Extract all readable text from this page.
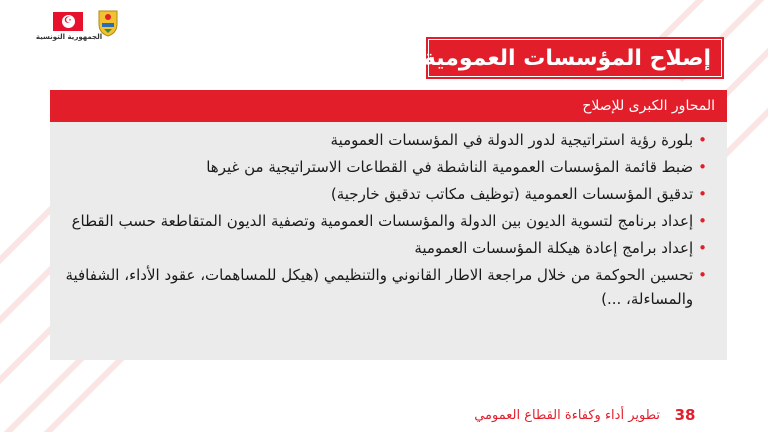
☪
الجمهورية التونسية
إصلاح المؤسسات العمومية
المحاور الكبرى للإصلاح
•
بلورة رؤية استراتيجية لدور الدولة في المؤسسات العمومية
•
ضبط قائمة المؤسسات العمومية الناشطة في القطاعات الاستراتيجية من غيرها
•
تدقيق المؤسسات العمومية (توظيف مكاتب تدقيق خارجية)
•
إعداد برنامج لتسوية الديون بين الدولة والمؤسسات العمومية وتصفية الديون المتقاطعة حسب القطاع
•
إعداد برامج إعادة هيكلة المؤسسات العمومية
•
تحسين الحوكمة من خلال مراجعة الاطار القانوني والتنظيمي (هيكل للمساهمات، عقود الأداء، الشفافية والمساءلة، ...)
تطوير أداء وكفاءة القطاع العمومي 38
